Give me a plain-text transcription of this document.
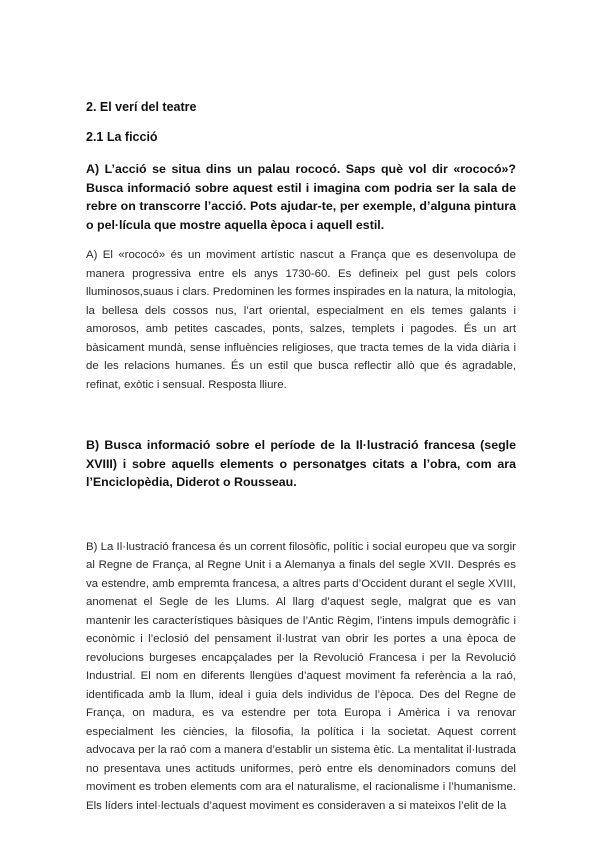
2. El verí del teatre

2.1 La ficció

A) L’acció se situa dins un palau rococó. Saps què vol dir «rococó»? Busca informació sobre aquest estil i imagina com podria ser la sala de rebre on transcorre l’acció. Pots ajudar-te, per exemple, d’alguna pintura o pel·lícula que mostre aquella època i aquell estil.

A) El «rococó» és un moviment artístic nascut a França que es desenvolupa de manera progressiva entre els anys 1730-60. Es defineix pel gust pels colors lluminosos,suaus i clars. Predominen les formes inspirades en la natura, la mitologia, la bellesa dels cossos nus, l’art oriental, especialment en els temes galants i amorosos, amb petites cascades, ponts, salzes, templets i pagodes. És un art bàsicament mundà, sense influències religioses, que tracta temes de la vida diària i de les relacions humanes. És un estil que busca reflectir allò que és agradable, refinat, exòtic i sensual. Resposta lliure.

B) Busca informació sobre el període de la Il·lustració francesa (segle XVIII) i sobre aquells elements o personatges citats a l’obra, com ara l’Enciclopèdia, Diderot o Rousseau.

B) La Il·lustració francesa és un corrent filosòfic, polític i social europeu que va sorgir al Regne de França, al Regne Unit i a Alemanya a finals del segle XVII. Després es va estendre, amb empremta francesa, a altres parts d’Occident durant el segle XVIII, anomenat el Segle de les Llums. Al llarg d’aquest segle, malgrat que es van mantenir les característiques bàsiques de l’Antic Règim, l’intens impuls demogràfic i econòmic i l’eclosió del pensament il·lustrat van obrir les portes a una època de revolucions burgeses encapçalades per la Revolució Francesa i per la Revolució Industrial. El nom en diferents llengües d’aquest moviment fa referència a la raó, identificada amb la llum, ideal i guia dels individus de l’època. Des del Regne de França, on madura, es va estendre per tota Europa i Amèrica i va renovar especialment les ciències, la filosofia, la política i la societat. Aquest corrent advocava per la raó com a manera d’establir un sistema ètic. La mentalitat il·lustrada no presentava unes actituds uniformes, però entre els denominadors comuns del moviment es troben elements com ara el naturalisme, el racionalisme i l’humanisme. Els líders intel·lectuals d’aquest moviment es consideraven a si mateixos l’elit de la
